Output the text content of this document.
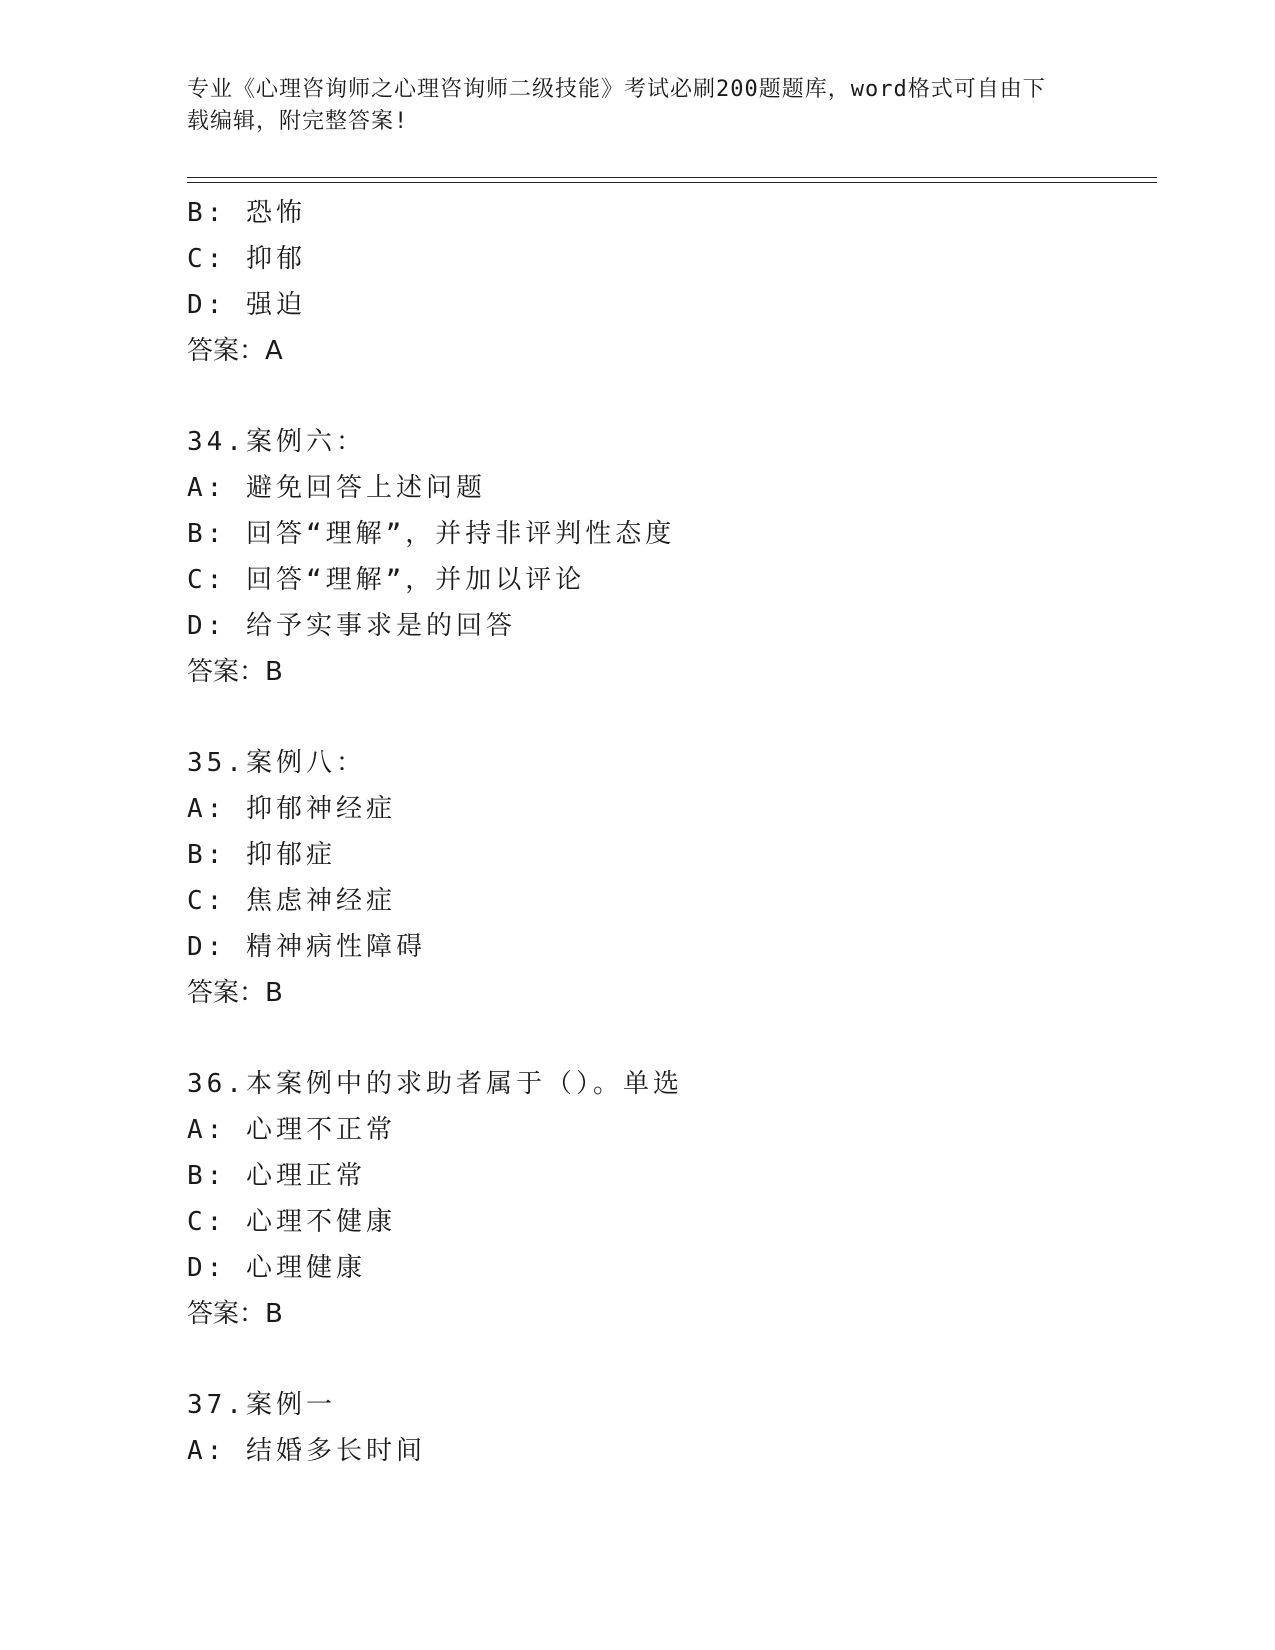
专业《心理咨询师之心理咨询师二级技能》考试必刷200题题库，word格式可自由下载编辑，附完整答案!
B: 恐怖
C: 抑郁
D: 强迫
答案：A
34.案例六：
A: 避免回答上述问题
B: 回答“理解”，并持非评判性态度
C: 回答“理解”，并加以评论
D: 给予实事求是的回答
答案：B
35.案例八：
A: 抑郁神经症
B: 抑郁症
C: 焦虑神经症
D: 精神病性障碍
答案：B
36.本案例中的求助者属于（）。单选
A: 心理不正常
B: 心理正常
C: 心理不健康
D: 心理健康
答案：B
37.案例一
A: 结婚多长时间
